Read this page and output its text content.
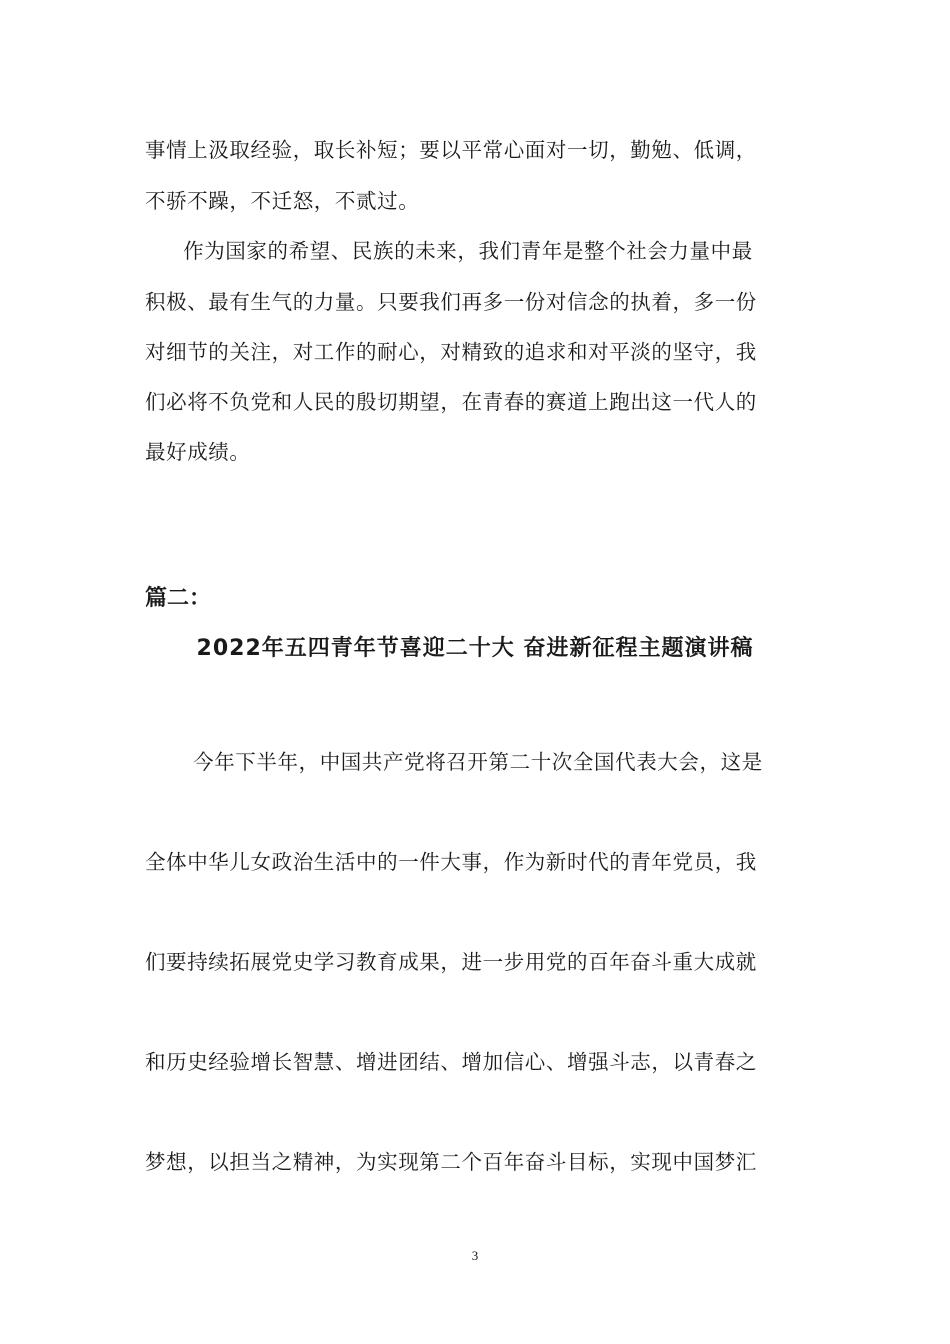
事情上汲取经验，取长补短；要以平常心面对一切，勤勉、低调，
不骄不躁，不迁怒，不贰过。
　作为国家的希望、民族的未来，我们青年是整个社会力量中最
积极、最有生气的力量。只要我们再多一份对信念的执着，多一份
对细节的关注，对工作的耐心，对精致的追求和对平淡的坚守，我
们必将不负党和人民的殷切期望，在青春的赛道上跑出这一代人的
最好成绩。
篇二：
2022年五四青年节喜迎二十大 奋进新征程主题演讲稿
　今年下半年，中国共产党将召开第二十次全国代表大会，这是
全体中华儿女政治生活中的一件大事，作为新时代的青年党员，我
们要持续拓展党史学习教育成果，进一步用党的百年奋斗重大成就
和历史经验增长智慧、增进团结、增加信心、增强斗志，以青春之
梦想，以担当之精神，为实现第二个百年奋斗目标，实现中国梦汇
3
